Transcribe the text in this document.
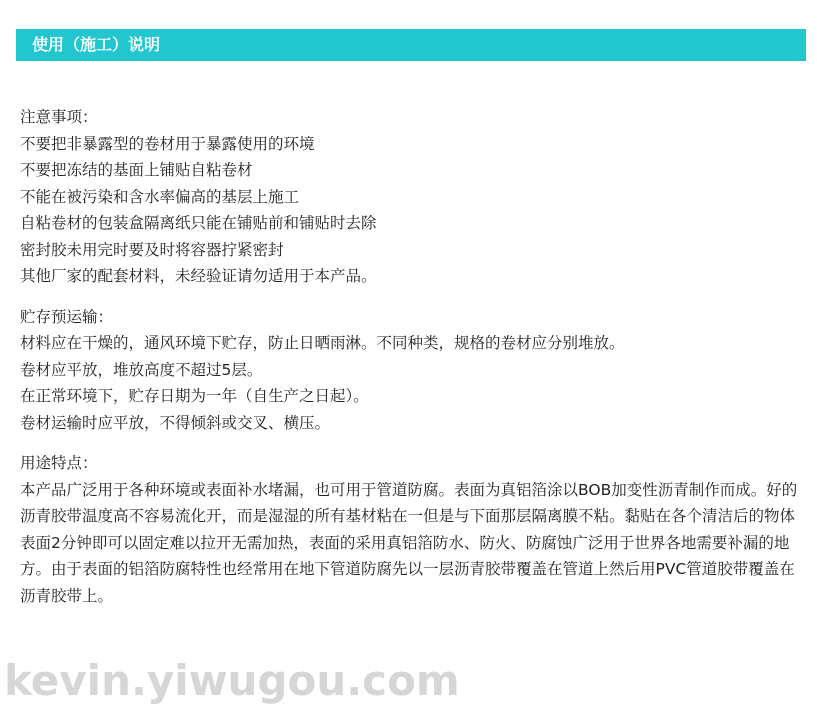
使用（施工）说明

注意事项：

不要把非暴露型的卷材用于暴露使用的环境

不要把冻结的基面上铺贴自粘卷材

不能在被污染和含水率偏高的基层上施工

自粘卷材的包装盒隔离纸只能在铺贴前和铺贴时去除

密封胶未用完时要及时将容器拧紧密封

其他厂家的配套材料，未经验证请勿适用于本产品。

贮存预运输：

材料应在干燥的，通风环境下贮存，防止日晒雨淋。不同种类，规格的卷材应分别堆放。

卷材应平放，堆放高度不超过5层。

在正常环境下，贮存日期为一年（自生产之日起）。

卷材运输时应平放，不得倾斜或交叉、横压。

用途特点：

本产品广泛用于各种环境或表面补水堵漏，也可用于管道防腐。表面为真铝箔涂以BOB加变性沥青制作而成。好的沥青胶带温度高不容易流化开，而是湿湿的所有基材粘在一但是与下面那层隔离膜不粘。黏贴在各个清洁后的物体表面2分钟即可以固定难以拉开无需加热，表面的采用真铝箔防水、防火、防腐蚀广泛用于世界各地需要补漏的地方。由于表面的铝箔防腐特性也经常用在地下管道防腐先以一层沥青胶带覆盖在管道上然后用PVC管道胶带覆盖在沥青胶带上。

kevin.yiwugou.com
